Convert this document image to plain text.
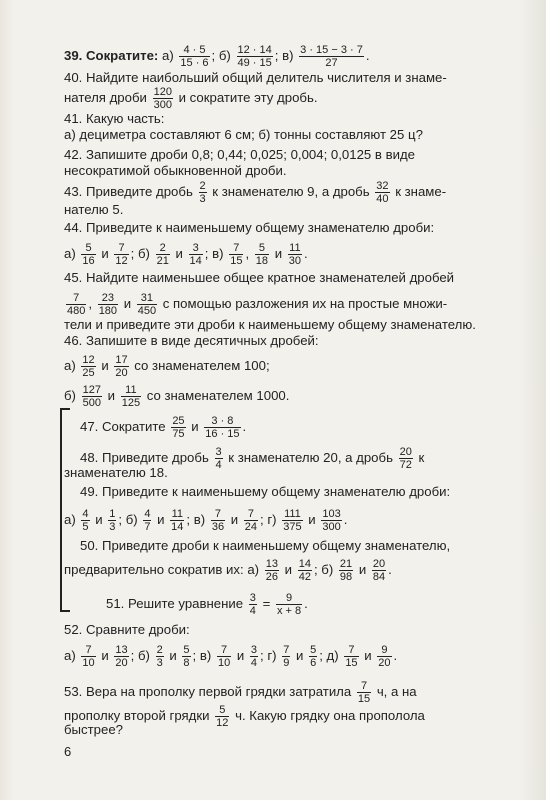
39. Сократите: $а) \frac{4 \cdot 5}{15 \cdot 6}$ ; $б) \frac{12 \cdot 14}{49 \cdot 15}$ ; $в) \frac{3 \cdot 15 - 3 \cdot 7}{27}$ .
40. Найдите наибольший общий делитель числителя и знаме-
нателя дроби $\frac{120}{300}$ и сократите эту дробь.
41. Какую часть:
а) дециметра составляют 6 см; б) тонны составляют 25 ц?
42. Запишите дроби 0,8; 0,44; 0,025; 0,004; 0,0125 в виде
несократимой обыкновенной дроби.
43. Приведите дробь $\frac{2}{3}$ к знаменателю 9, а дробь $\frac{32}{40}$ к знаме-
нателю 5.
44. Приведите к наименьшему общему знаменателю дроби:
$а) \frac{5}{16}$ и $\frac{7}{12}$ ; $б) \frac{2}{21}$ и $\frac{3}{14}$ ; $в) \frac{7}{15}$ , $\frac{5}{18}$ и $\frac{11}{30}$ .
45. Найдите наименьшее общее кратное знаменателей дробей
$\frac{7}{480}$ , $\frac{23}{180}$ и $\frac{31}{450}$ с помощью разложения их на простые множи-
тели и приведите эти дроби к наименьшему общему знаменателю.
46. Запишите в виде десятичных дробей:
$а) \frac{12}{25}$ и $\frac{17}{20}$ со знаменателем 100;
$б) \frac{127}{500}$ и $\frac{11}{125}$ со знаменателем 1000.
47. Сократите $\frac{25}{75}$ и $\frac{3 \cdot 8}{16 \cdot 15}$ .
48. Приведите дробь $\frac{3}{4}$ к знаменателю 20, а дробь $\frac{20}{72}$ к
знаменателю 18.
49. Приведите к наименьшему общему знаменателю дроби:
$а) \frac{4}{5}$ и $\frac{1}{3}$ ; $б) \frac{4}{7}$ и $\frac{11}{14}$ ; $в) \frac{7}{36}$ и $\frac{7}{24}$ ; $г) \frac{111}{375}$ и $\frac{103}{300}$ .
50. Приведите дроби к наименьшему общему знаменателю,
предварительно сократив их: $а) \frac{13}{26}$ и $\frac{14}{42}$ ; $б) \frac{21}{98}$ и $\frac{20}{84}$ .
51. Решите уравнение $\frac{3}{4} = \frac{9}{x + 8}$ .
52. Сравните дроби:
$а) \frac{7}{10}$ и $\frac{13}{20}$ ; $б) \frac{2}{3}$ и $\frac{5}{8}$ ; $в) \frac{7}{10}$ и $\frac{3}{4}$ ; $г) \frac{7}{9}$ и $\frac{5}{6}$ ; $д) \frac{7}{15}$ и $\frac{9}{20}$ .
53. Вера на прополку первой грядки затратила $\frac{7}{15} ч$, а на
прополку второй грядки $\frac{5}{12} ч$. Какую грядку она прополола
быстрее?
6
